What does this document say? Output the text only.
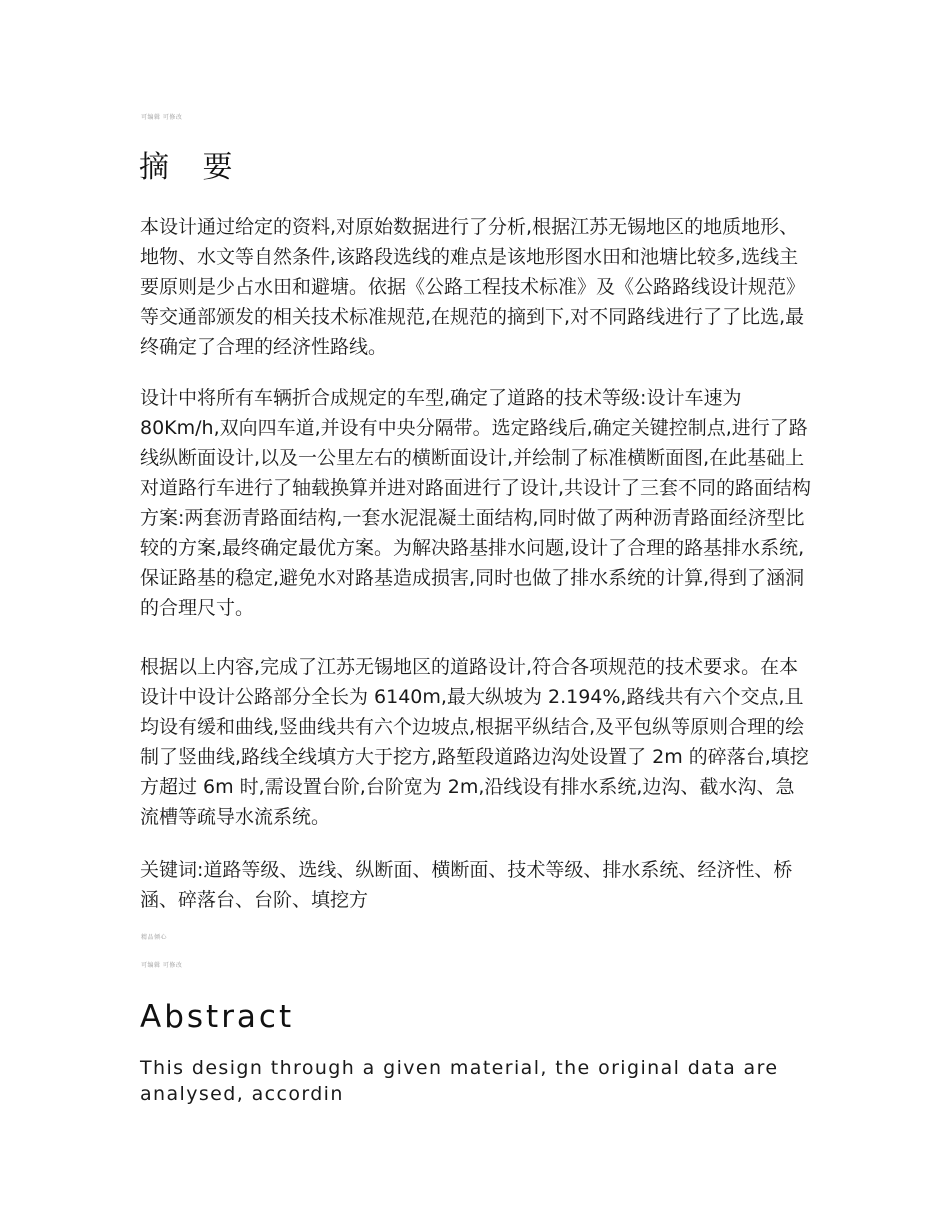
可编辑 可修改
摘 要

本设计通过给定的资料,对原始数据进行了分析,根据江苏无锡地区的地质地形、地物、水文等自然条件,该路段选线的难点是该地形图水田和池塘比较多,选线主要原则是少占水田和避塘。依据《公路工程技术标准》及《公路路线设计规范》等交通部颁发的相关技术标准规范,在规范的摘到下,对不同路线进行了了比选,最终确定了合理的经济性路线。

设计中将所有车辆折合成规定的车型,确定了道路的技术等级:设计车速为80Km/h,双向四车道,并设有中央分隔带。选定路线后,确定关键控制点,进行了路线纵断面设计,以及一公里左右的横断面设计,并绘制了标准横断面图,在此基础上对道路行车进行了轴载换算并进对路面进行了设计,共设计了三套不同的路面结构方案:两套沥青路面结构,一套水泥混凝土面结构,同时做了两种沥青路面经济型比较的方案,最终确定最优方案。为解决路基排水问题,设计了合理的路基排水系统,保证路基的稳定,避免水对路基造成损害,同时也做了排水系统的计算,得到了涵洞的合理尺寸。

根据以上内容,完成了江苏无锡地区的道路设计,符合各项规范的技术要求。在本设计中设计公路部分全长为 6140m,最大纵坡为 2.194%,路线共有六个交点,且均设有缓和曲线,竖曲线共有六个边坡点,根据平纵结合,及平包纵等原则合理的绘制了竖曲线,路线全线填方大于挖方,路堑段道路边沟处设置了 2m 的碎落台,填挖方超过 6m 时,需设置台阶,台阶宽为 2m,沿线设有排水系统,边沟、截水沟、急流槽等疏导水流系统。

关键词:道路等级、选线、纵断面、横断面、技术等级、排水系统、经济性、桥涵、碎落台、台阶、填挖方

精品倾心
可编辑 可修改
Abstract

This design through a given material, the original data are analysed, accordin
